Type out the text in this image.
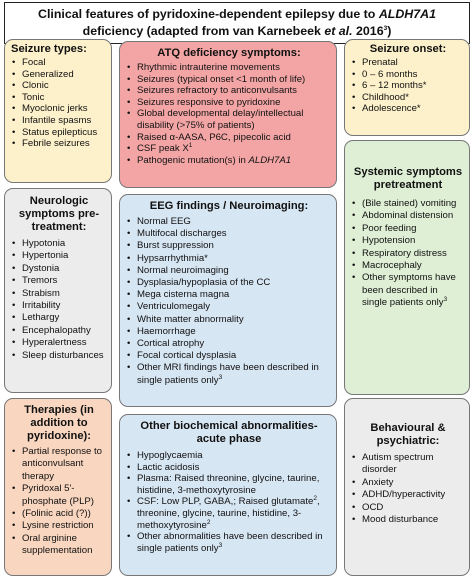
Clinical features of pyridoxine-dependent epilepsy due to ALDH7A1
deficiency (adapted from van Karnebeek et al. 2016$^3$)
Seizure types:
• Focal
• Generalized
• Clonic
• Tonic
• Myoclonic jerks
• Infantile spasms
• Status epilepticus
• Febrile seizures
Neurologic symptoms pre-treatment:
• Hypotonia
• Hypertonia
• Dystonia
• Tremors
• Strabism
• Irritability
• Lethargy
• Encephalopathy
• Hyperalertness
• Sleep disturbances
Therapies (in addition to pyridoxine):
• Partial response to anticonvulsant therapy
• Pyridoxal 5'-phosphate (PLP)
• (Folinic acid (?))
• Lysine restriction
• Oral arginine supplementation
ATQ deficiency symptoms:
• Rhythmic intrauterine movements
• Seizures (typical onset <1 month of life)
• Seizures refractory to anticonvulsants
• Seizures responsive to pyridoxine
• Global developmental delay/intellectual disability (>75% of patients)
• Raised α-AASA, P6C, pipecolic acid
• CSF peak $X^1$
• Pathogenic mutation(s) in ALDH7A1
EEG findings / Neuroimaging:
• Normal EEG
• Multifocal discharges
• Burst suppression
• Hypsarrhythmia*
• Normal neuroimaging
• Dysplasia/hypoplasia of the CC
• Mega cisterna magna
• Ventriculomegaly
• White matter abnormality
• Haemorrhage
• Cortical atrophy
• Focal cortical dysplasia
• Other MRI findings have been described in single patients only$^3$
Other biochemical abnormalities-acute phase
• Hypoglycaemia
• Lactic acidosis
• Plasma: Raised threonine, glycine, taurine, histidine, 3-methoxytyrosine
• CSF: Low PLP, GABA,; Raised glutamate$^2$, threonine, glycine, taurine, histidine, 3-methoxytyrosine$^2$
• Other abnormalities have been described in single patients only$^3$
Seizure onset:
• Prenatal
• 0 – 6 months
• 6 – 12 months*
• Childhood*
• Adolescence*
Systemic symptoms pretreatment
• (Bile stained) vomiting
• Abdominal distension
• Poor feeding
• Hypotension
• Respiratory distress
• Macrocephaly
• Other symptoms have been described in single patients only$^3$
Behavioural & psychiatric:
• Autism spectrum disorder
• Anxiety
• ADHD/hyperactivity
• OCD
• Mood disturbance
